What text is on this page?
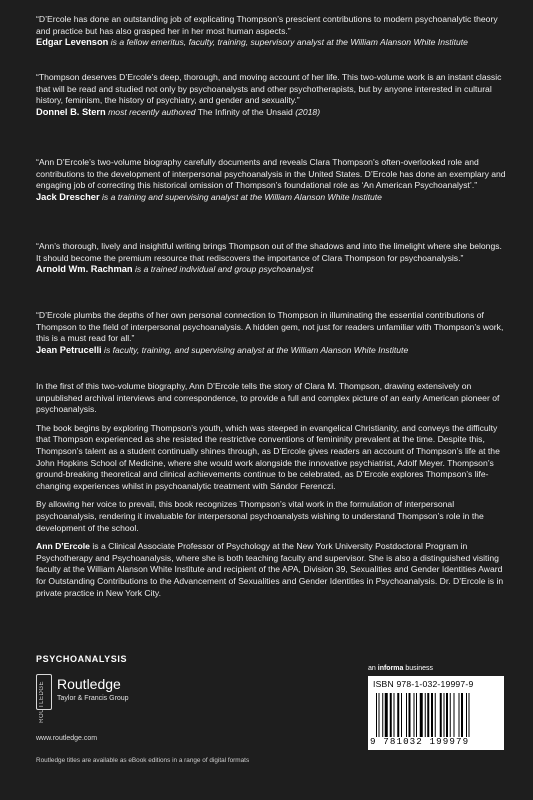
“D’Ercole has done an outstanding job of explicating Thompson’s prescient contributions to modern psychoanalytic theory and practice but has also grasped her in her most human aspects.”

Edgar Levenson is a fellow emeritus, faculty, training, supervisory analyst at the William Alanson White Institute

“Thompson deserves D’Ercole’s deep, thorough, and moving account of her life. This two-volume work is an instant classic that will be read and studied not only by psychoanalysts and other psychotherapists, but by anyone interested in cultural history, feminism, the history of psychiatry, and gender and sexuality.”

Donnel B. Stern most recently authored The Infinity of the Unsaid (2018)

“Ann D’Ercole’s two-volume biography carefully documents and reveals Clara Thompson’s often-overlooked role and contributions to the development of interpersonal psychoanalysis in the United States. D’Ercole has done an exemplary and engaging job of correcting this historical omission of Thompson’s foundational role as ‘An American Psychoanalyst’.”

Jack Drescher is a training and supervising analyst at the William Alanson White Institute

“Ann’s thorough, lively and insightful writing brings Thompson out of the shadows and into the limelight where she belongs. It should become the premium resource that rediscovers the importance of Clara Thompson for psychoanalysis.”

Arnold Wm. Rachman is a trained individual and group psychoanalyst

“D’Ercole plumbs the depths of her own personal connection to Thompson in illuminating the essential contributions of Thompson to the field of interpersonal psychoanalysis. A hidden gem, not just for readers unfamiliar with Thompson’s work, this is a must read for all.”

Jean Petrucelli is faculty, training, and supervising analyst at the William Alanson White Institute

In the first of this two-volume biography, Ann D’Ercole tells the story of Clara M. Thompson, drawing extensively on unpublished archival interviews and correspondence, to provide a full and complex picture of an early American pioneer of psychoanalysis.

The book begins by exploring Thompson’s youth, which was steeped in evangelical Christianity, and conveys the difficulty that Thompson experienced as she resisted the restrictive conventions of femininity prevalent at the time. Despite this, Thompson’s talent as a student continually shines through, as D’Ercole gives readers an account of Thompson’s life at the John Hopkins School of Medicine, where she would work alongside the innovative psychiatrist, Adolf Meyer. Thompson’s ground-breaking theoretical and clinical achievements continue to be celebrated, as D’Ercole explores Thompson’s life-changing experiences whilst in psychoanalytic treatment with Sándor Ferenczi.

By allowing her voice to prevail, this book recognizes Thompson’s vital work in the formulation of interpersonal psychoanalysis, rendering it invaluable for interpersonal psychoanalysts wishing to understand Thompson’s role in the development of the school.

Ann D’Ercole is a Clinical Associate Professor of Psychology at the New York University Postdoctoral Program in Psychotherapy and Psychoanalysis, where she is both teaching faculty and supervisor. She is also a distinguished visiting faculty at the William Alanson White Institute and recipient of the APA, Division 39, Sexualities and Gender Identities Award for Outstanding Contributions to the Advancement of Sexualities and Gender Identities in Psychoanalysis. Dr. D’Ercole is in private practice in New York City.

PSYCHOANALYSIS
ROUTLEDGE Routledge
Taylor & Francis Group
www.routledge.com
Routledge titles are available as eBook editions in a range of digital formats
an informa business
ISBN 978-1-032-19997-9
9 781032 199979
